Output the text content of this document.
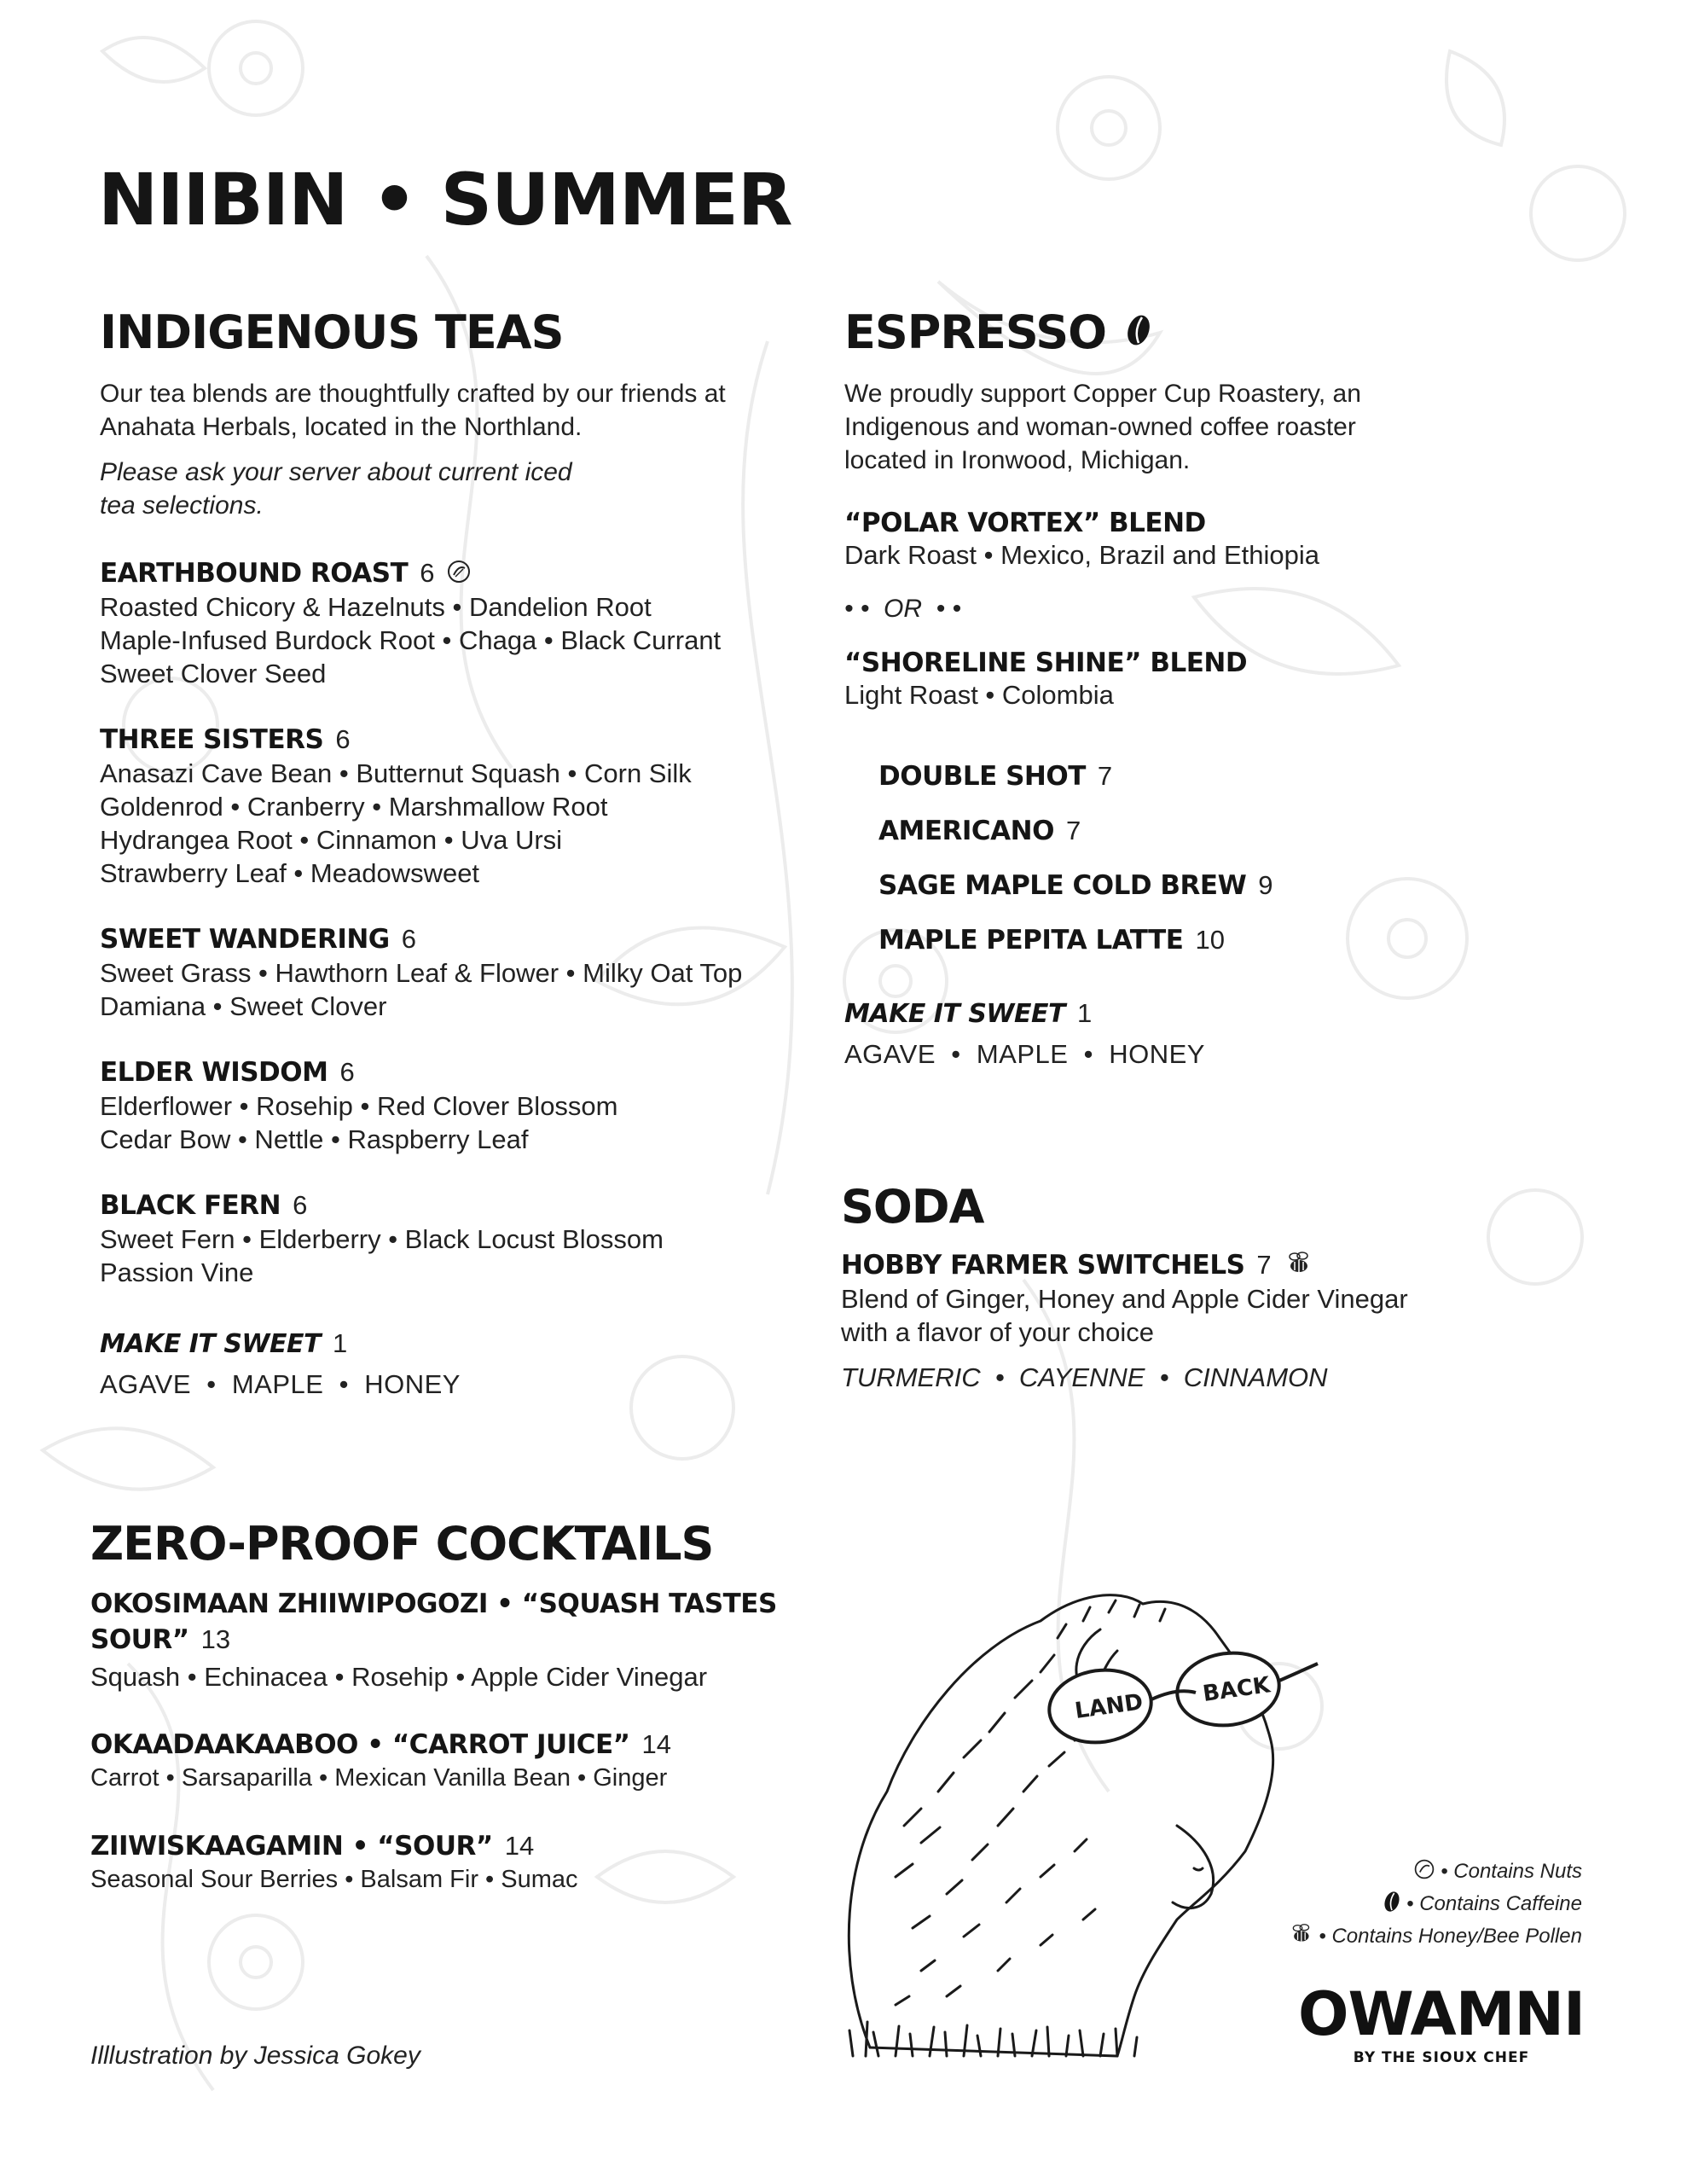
NIIBIN • SUMMER
INDIGENOUS TEAS
Our tea blends are thoughtfully crafted by our friends at
Anahata Herbals, located in the Northland.
Please ask your server about current iced
tea selections.
EARTHBOUND ROAST 6
Roasted Chicory & Hazelnuts • Dandelion Root
Maple-Infused Burdock Root • Chaga • Black Currant
Sweet Clover Seed
THREE SISTERS 6
Anasazi Cave Bean • Butternut Squash • Corn Silk
Goldenrod • Cranberry • Marshmallow Root
Hydrangea Root • Cinnamon • Uva Ursi
Strawberry Leaf • Meadowsweet
SWEET WANDERING 6
Sweet Grass • Hawthorn Leaf & Flower • Milky Oat Top
Damiana • Sweet Clover
ELDER WISDOM 6
Elderflower • Rosehip • Red Clover Blossom
Cedar Bow • Nettle • Raspberry Leaf
BLACK FERN 6
Sweet Fern • Elderberry • Black Locust Blossom
Passion Vine
MAKE IT SWEET 1
AGAVE  •  MAPLE  •  HONEY
ESPRESSO
We proudly support Copper Cup Roastery, an
Indigenous and woman-owned coffee roaster
located in Ironwood, Michigan.
“POLAR VORTEX” BLEND
Dark Roast • Mexico, Brazil and Ethiopia
• •  OR  • •
“SHORELINE SHINE” BLEND
Light Roast • Colombia
DOUBLE SHOT 7
AMERICANO 7
SAGE MAPLE COLD BREW 9
MAPLE PEPITA LATTE 10
MAKE IT SWEET 1
AGAVE  •  MAPLE  •  HONEY
SODA
HOBBY FARMER SWITCHELS 7
Blend of Ginger, Honey and Apple Cider Vinegar
with a flavor of your choice
TURMERIC  •  CAYENNE  •  CINNAMON
ZERO-PROOF COCKTAILS
OKOSIMAAN ZHIIWIPOGOZI • “SQUASH TASTES
SOUR” 13
Squash • Echinacea • Rosehip • Apple Cider Vinegar
OKAADAAKAABOO • “CARROT JUICE” 14
Carrot • Sarsaparilla • Mexican Vanilla Bean • Ginger
ZIIWISKAAGAMIN • “SOUR” 14
Seasonal Sour Berries • Balsam Fir • Sumac
Illlustration by Jessica Gokey
LAND	BACK
• Contains Nuts
• Contains Caffeine
• Contains Honey/Bee Pollen
OWAMNI
BY THE SIOUX CHEF
